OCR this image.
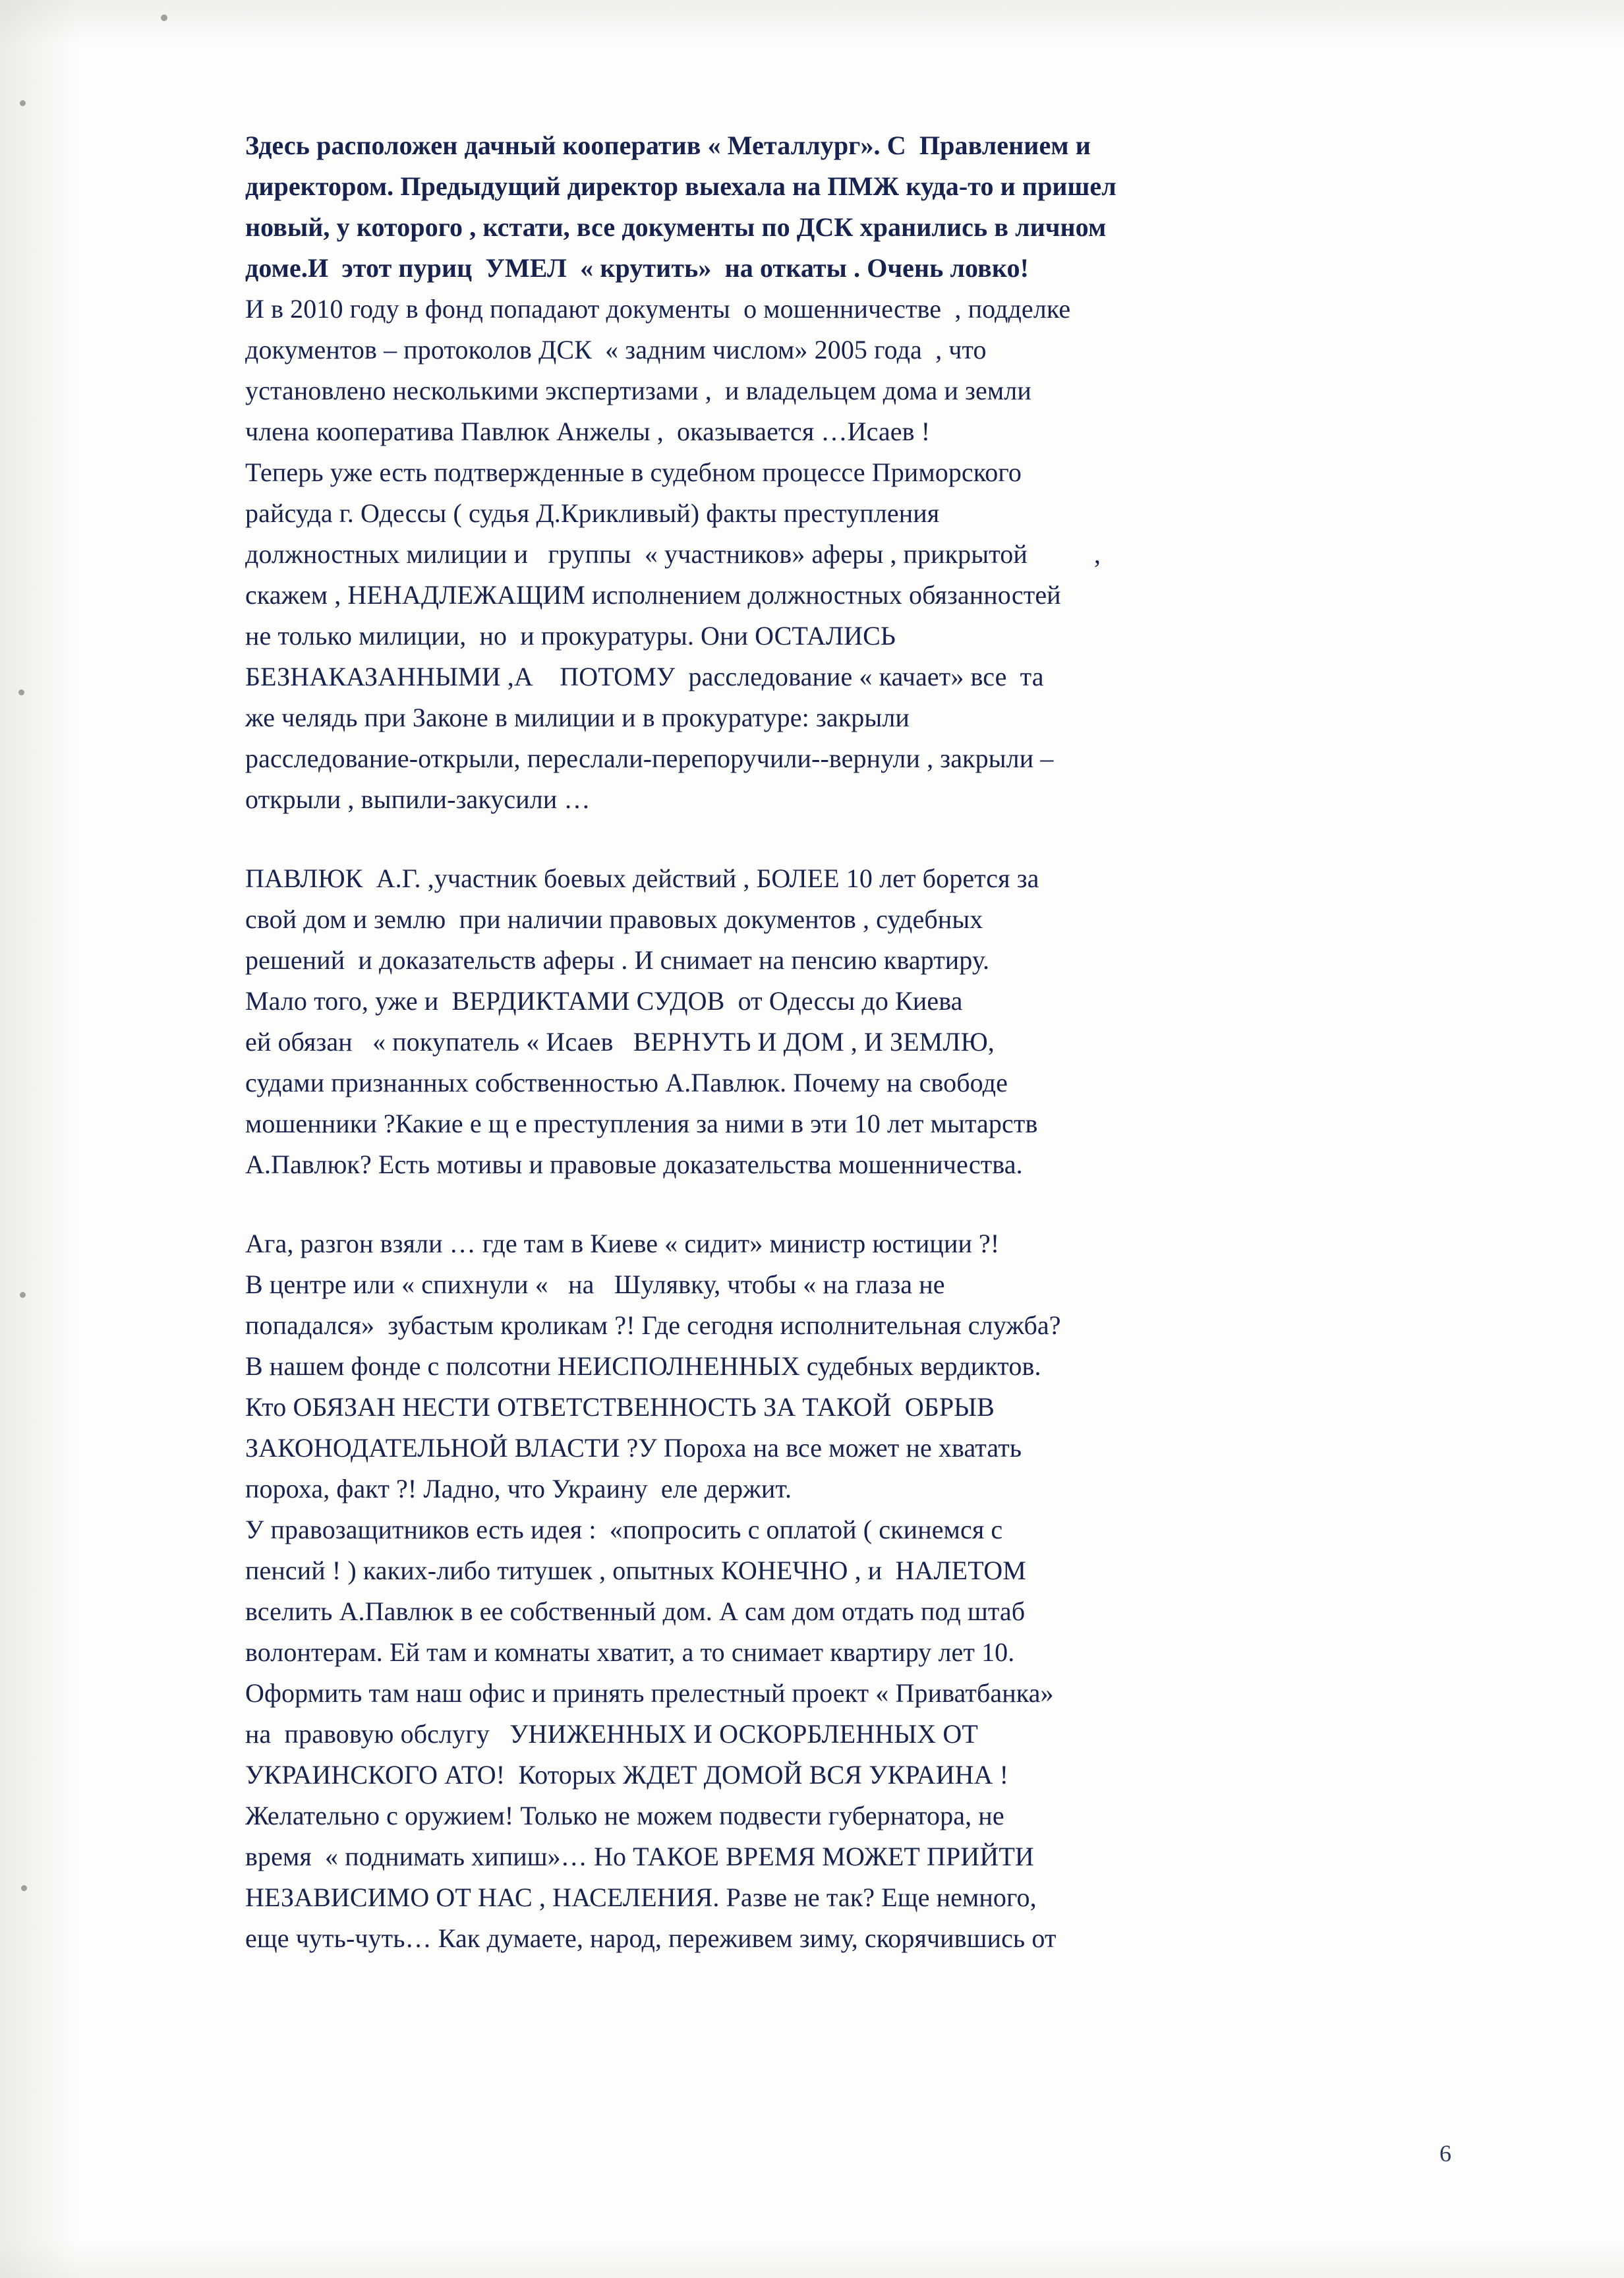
Здесь расположен дачный кооператив « Металлург». С  Правлением и
директором. Предыдущий директор выехала на ПМЖ куда-то и пришел
новый, у которого , кстати, все документы по ДСК хранились в личном
доме.И  этот пуриц  УМЕЛ  « крутить»  на откаты . Очень ловко!

И в 2010 году в фонд попадают документы  о мошенничестве  , подделке
документов – протоколов ДСК  « задним числом» 2005 года  , что
установлено несколькими экспертизами ,  и владельцем дома и земли
члена кооператива Павлюк Анжелы ,  оказывается …Исаев !

Теперь уже есть подтвержденные в судебном процессе Приморского
райсуда г. Одессы ( судья Д.Крикливый) факты преступления
должностных милиции и   группы  « участников» аферы , прикрытой          ,
скажем , НЕНАДЛЕЖАЩИМ исполнением должностных обязанностей
не только милиции,  но  и прокуратуры. Они ОСТАЛИСЬ
БЕЗНАКАЗАННЫМИ ,А    ПОТОМУ  расследование « качает» все  та
же челядь при Законе в милиции и в прокуратуре: закрыли
расследование-открыли, переслали-перепоручили--вернули , закрыли –
открыли , выпили-закусили …

ПАВЛЮК  А.Г. ,участник боевых действий , БОЛЕЕ 10 лет борется за
свой дом и землю  при наличии правовых документов , судебных
решений  и доказательств аферы . И снимает на пенсию квартиру.
Мало того, уже и  ВЕРДИКТАМИ СУДОВ  от Одессы до Киева
ей обязан   « покупатель « Исаев   ВЕРНУТЬ И ДОМ , И ЗЕМЛЮ,
судами признанных собственностью А.Павлюк. Почему на свободе
мошенники ?Какие е щ е преступления за ними в эти 10 лет мытарств
А.Павлюк? Есть мотивы и правовые доказательства мошенничества.

Ага, разгон взяли … где там в Киеве « сидит» министр юстиции ?!
В центре или « спихнули «   на   Шулявку, чтобы « на глаза не
попадался»  зубастым кроликам ?! Где сегодня исполнительная служба?
В нашем фонде с полсотни НЕИСПОЛНЕННЫХ судебных вердиктов.
Кто ОБЯЗАН НЕСТИ ОТВЕТСТВЕННОСТЬ ЗА ТАКОЙ  ОБРЫВ
ЗАКОНОДАТЕЛЬНОЙ ВЛАСТИ ?У Пороха на все может не хватать
пороха, факт ?! Ладно, что Украину  еле держит.

У правозащитников есть идея :  «попросить с оплатой ( скинемся с
пенсий ! ) каких-либо титушек , опытных КОНЕЧНО , и  НАЛЕТОМ
вселить А.Павлюк в ее собственный дом. А сам дом отдать под штаб
волонтерам. Ей там и комнаты хватит, а то снимает квартиру лет 10.
Оформить там наш офис и принять прелестный проект « Приватбанка»
на  правовую обслугу   УНИЖЕННЫХ И ОСКОРБЛЕННЫХ ОТ
УКРАИНСКОГО АТО!  Которых ЖДЕТ ДОМОЙ ВСЯ УКРАИНА !
Желательно с оружием! Только не можем подвести губернатора, не
время  « поднимать хипиш»… Но ТАКОЕ ВРЕМЯ МОЖЕТ ПРИЙТИ
НЕЗАВИСИМО ОТ НАС , НАСЕЛЕНИЯ. Разве не так? Еще немного,
еще чуть-чуть… Как думаете, народ, переживем зиму, скорячившись от

6
